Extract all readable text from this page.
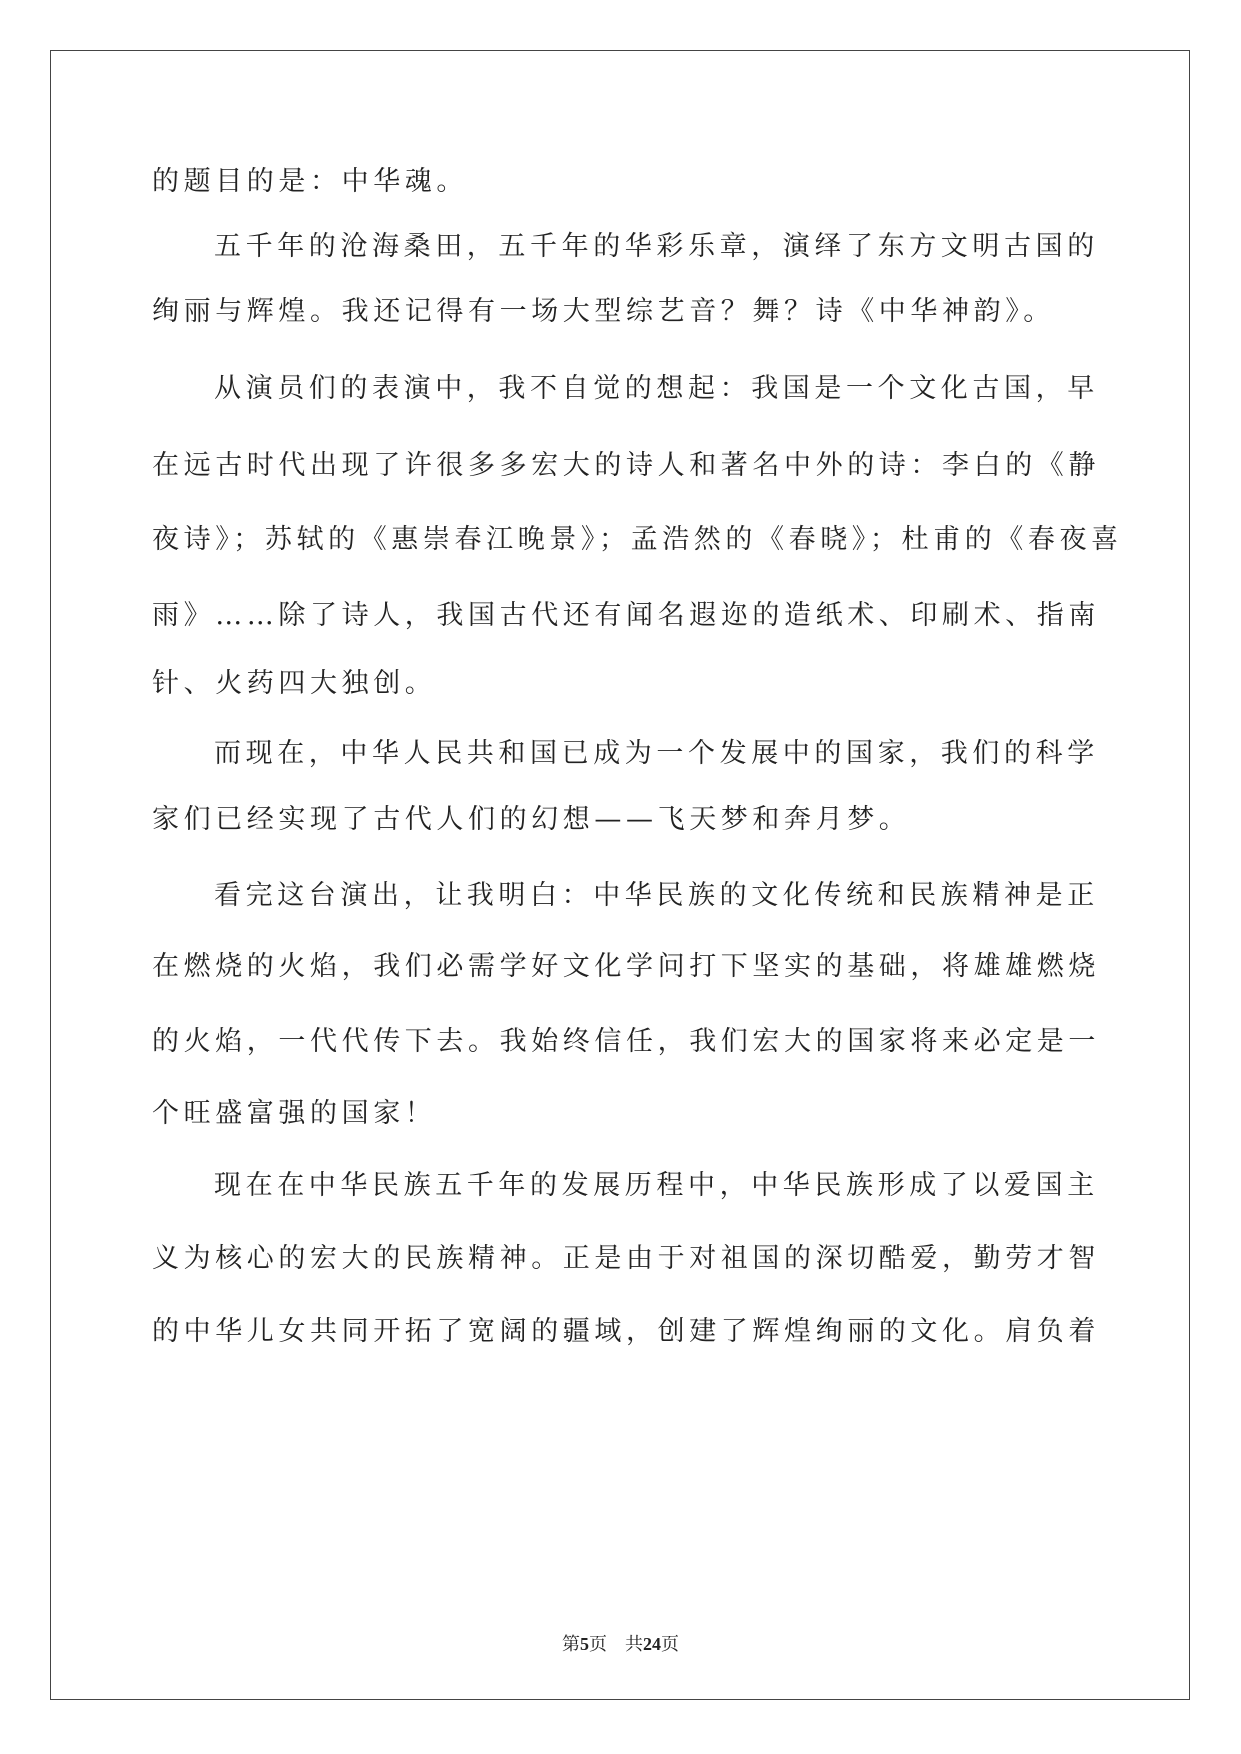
的题目的是：中华魂。
五千年的沧海桑田，五千年的华彩乐章，演绎了东方文明古国的
绚丽与辉煌。我还记得有一场大型综艺音？舞？诗《中华神韵》。
从演员们的表演中，我不自觉的想起：我国是一个文化古国，早
在远古时代出现了许很多多宏大的诗人和著名中外的诗：李白的《静
夜诗》；苏轼的《惠崇春江晚景》；孟浩然的《春晓》；杜甫的《春夜喜
雨》……除了诗人，我国古代还有闻名遐迩的造纸术、印刷术、指南
针、火药四大独创。
而现在，中华人民共和国已成为一个发展中的国家，我们的科学
家们已经实现了古代人们的幻想——飞天梦和奔月梦。
看完这台演出，让我明白：中华民族的文化传统和民族精神是正
在燃烧的火焰，我们必需学好文化学问打下坚实的基础，将雄雄燃烧
的火焰，一代代传下去。我始终信任，我们宏大的国家将来必定是一
个旺盛富强的国家！
现在在中华民族五千年的发展历程中，中华民族形成了以爱国主
义为核心的宏大的民族精神。正是由于对祖国的深切酷爱，勤劳才智
的中华儿女共同开拓了宽阔的疆域，创建了辉煌绚丽的文化。肩负着
第5页 共24页
